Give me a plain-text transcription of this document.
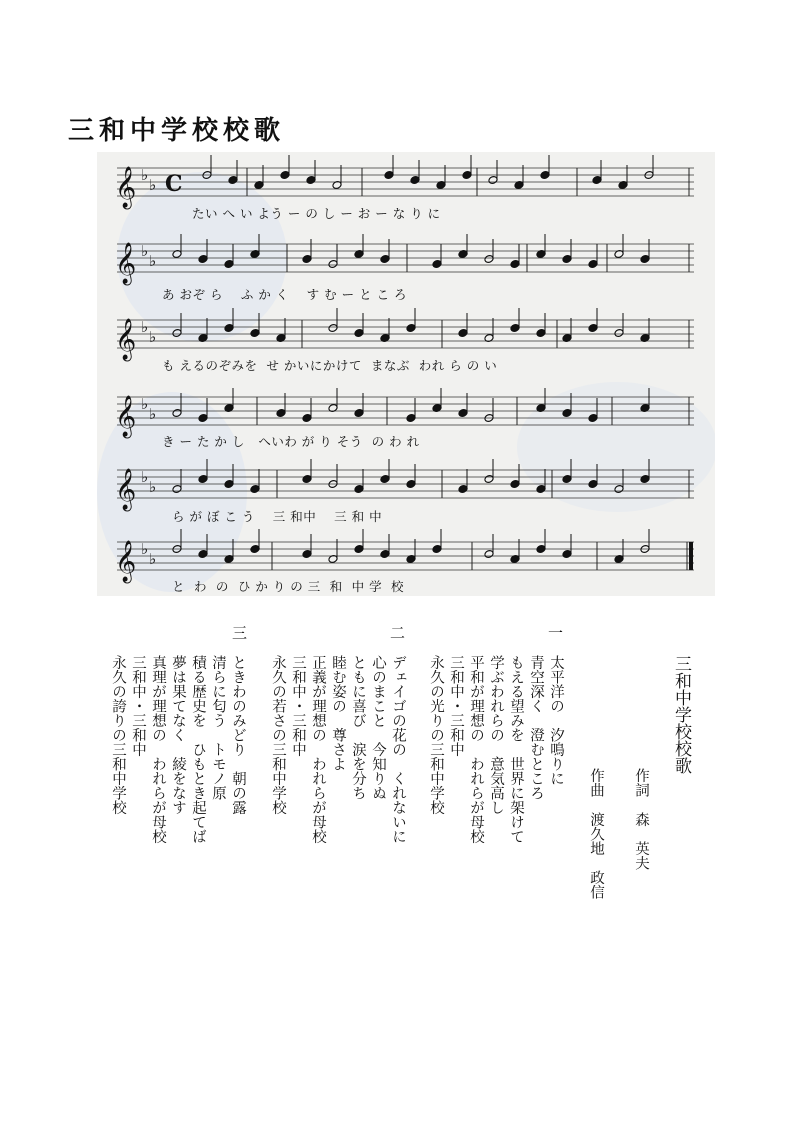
三和中学校校歌
𝄞 ♭
♭ C
𝄞 ♭
♭
𝄞 ♭
♭
𝄞 ♭
♭
𝄞 ♭
♭
𝄞 ♭
♭
たい へ い よう ー の し ー お ー な り に
あ おぞ ら    ふ か く    す む ー と こ ろ
も えるのぞみを  せ かいにかけて  まなぶ  われ ら の い
き ー た か し   へいわ が り そう  の わ れ
ら が ぼ こ う    三 和中    三 和 中
と  わ  の  ひ か り の 三  和  中 学  校
三和中学校校歌
作詞
森　英夫
作曲
渡久地　政信
一
太平洋の　汐鳴りに
青空深く　澄むところ
もえる望みを　世界に架けて
学ぶわれらの　意気高し
平和が理想の　われらが母校
三和中・三和中
永久の光りの三和中学校
二
デェイゴの花の　くれないに
心のまこと　今知りぬ
ともに喜び　涙を分ち
睦む姿の　尊さよ
正義が理想の　われらが母校
三和中・三和中
永久の若さの三和中学校
三
ときわのみどり　朝の露
清らに匂う　トモノ原
積る歴史を　ひもとき起てば
夢は果てなく　綾をなす
真理が理想の　われらが母校
三和中・三和中
永久の誇りの三和中学校
